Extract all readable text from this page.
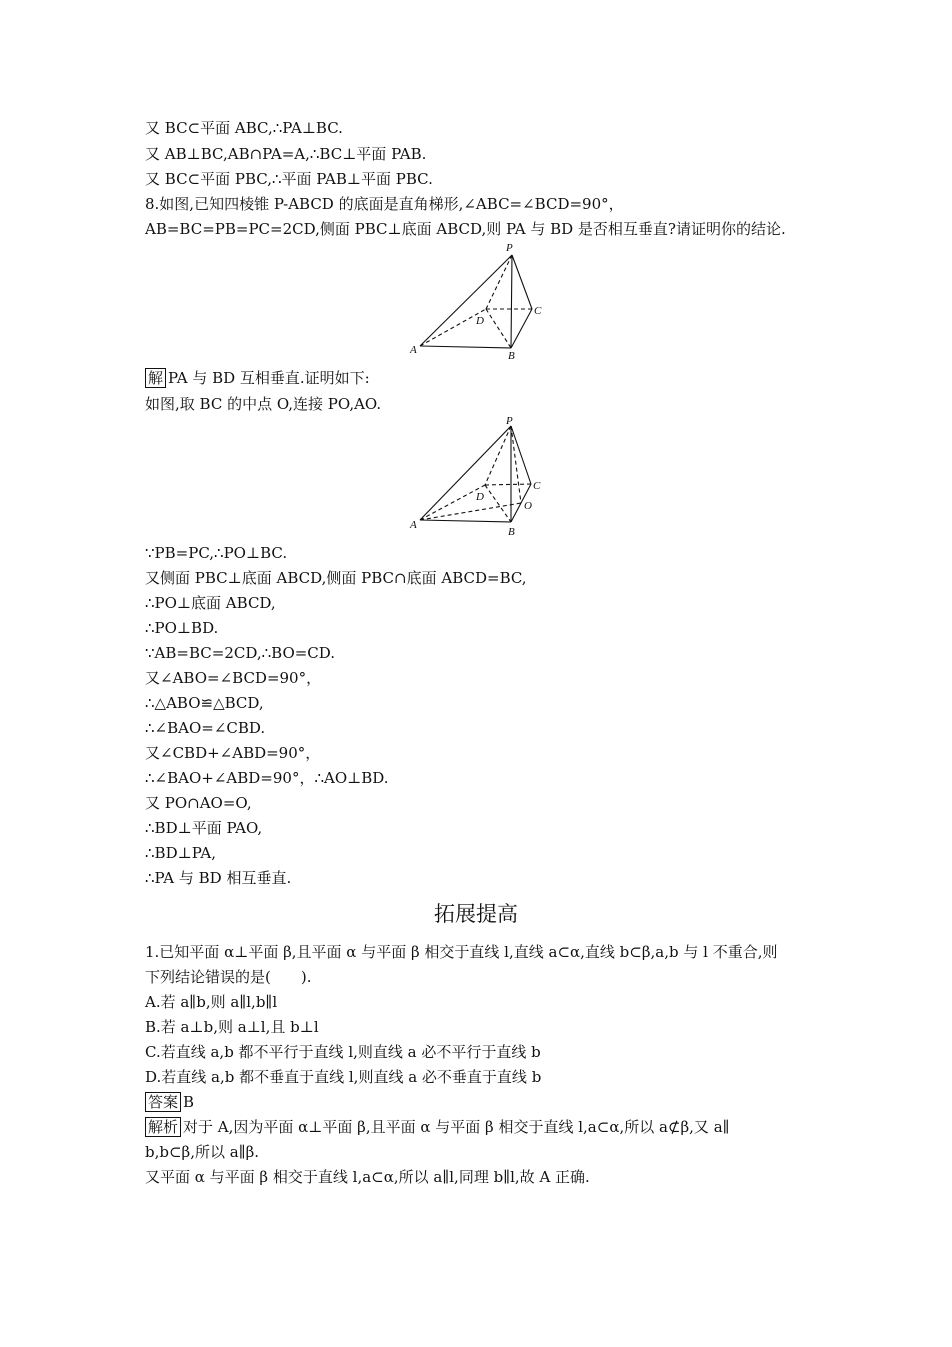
又 BC⊂平面 ABC,∴PA⊥BC.
又 AB⊥BC,AB∩PA=A,∴BC⊥平面 PAB.
又 BC⊂平面 PBC,∴平面 PAB⊥平面 PBC.
8.如图,已知四棱锥 P-ABCD 的底面是直角梯形,∠ABC=∠BCD=90°，
AB=BC=PB=PC=2CD,侧面 PBC⊥底面 ABCD,则 PA 与 BD 是否相互垂直?请证明你的结论.
P
A	B
C
D
解 PA 与 BD 互相垂直.证明如下:
如图,取 BC 的中点 O,连接 PO,AO.
P
A
B
C
D
O
∵PB=PC,∴PO⊥BC.
又侧面 PBC⊥底面 ABCD,侧面 PBC∩底面 ABCD=BC,
∴PO⊥底面 ABCD,
∴PO⊥BD.
∵AB=BC=2CD,∴BO=CD.
又∠ABO=∠BCD=90°，
∴△ABO≌△BCD,
∴∠BAO=∠CBD.
又∠CBD+∠ABD=90°，
∴∠BAO+∠ABD=90°，∴AO⊥BD.
又 PO∩AO=O,
∴BD⊥平面 PAO,
∴BD⊥PA,
∴PA 与 BD 相互垂直.
拓展提高
1.已知平面 α⊥平面 β,且平面 α 与平面 β 相交于直线 l,直线 a⊂α,直线 b⊂β,a,b 与 l 不重合,则
下列结论错误的是(　　).
A.若 a∥b,则 a∥l,b∥l
B.若 a⊥b,则 a⊥l,且 b⊥l
C.若直线 a,b 都不平行于直线 l,则直线 a 必不平行于直线 b
D.若直线 a,b 都不垂直于直线 l,则直线 a 必不垂直于直线 b
答案 B
解析 对于 A,因为平面 α⊥平面 β,且平面 α 与平面 β 相交于直线 l,a⊂α,所以 a⊄β,又 a∥
b,b⊂β,所以 a∥β.
又平面 α 与平面 β 相交于直线 l,a⊂α,所以 a∥l,同理 b∥l,故 A 正确.
